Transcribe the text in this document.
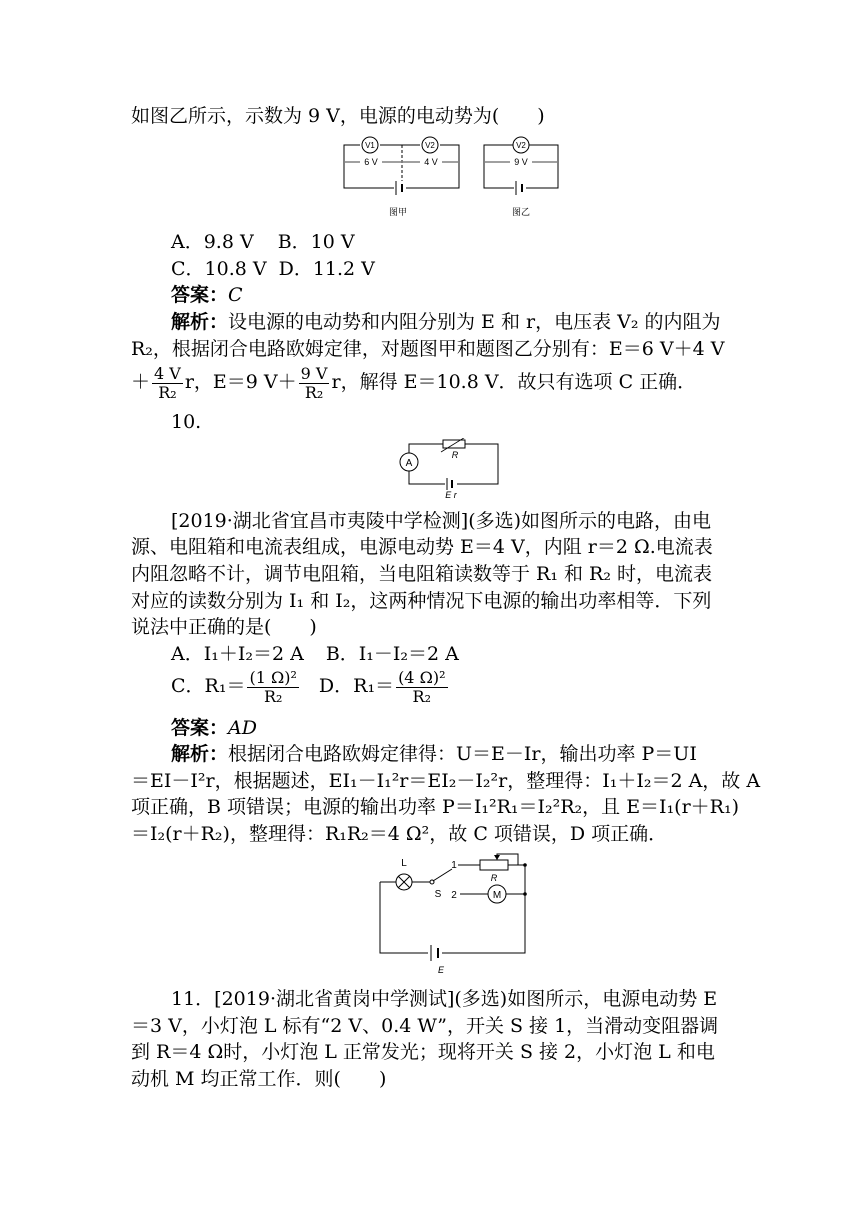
如图乙所示，示数为 9 V，电源的电动势为(　　)
V1	V2
6 V	4 V
图甲
V2
9 V
图乙
A．9.8 V B．10 V
C．10.8 V D．11.2 V
答案：C
解析：设电源的电动势和内阻分别为 E 和 r，电压表 V₂ 的内阻为
R₂，根据闭合电路欧姆定律，对题图甲和题图乙分别有：E＝6 V＋4 V
＋ $\frac{4 V}{\text{R₂}}$ r，E＝9 $V+ \frac{9 V}{\text{R₂}}$ r，解得 E＝10.8 V．故只有选项 C 正确．
10.
A
R
E r
[2019·湖北省宜昌市夷陵中学检测](多选)如图所示的电路，由电
源、电阻箱和电流表组成，电源电动势 E＝4 V，内阻 r＝2 Ω.电流表
内阻忽略不计，调节电阻箱，当电阻箱读数等于 R₁ 和 R₂ 时，电流表
对应的读数分别为 I₁ 和 I₂，这两种情况下电源的输出功率相等．下列
说法中正确的是(　　)
A．I₁＋I₂＝2 A B．I₁－I₂＝2 A
C．$R_1= \frac{\text{(1 Ω)²}}{\text{R₂}}$ D．$R_1= \frac{\text{(4 Ω)²}}{\text{R₂}}$
答案：AD
解析：根据闭合电路欧姆定律得：U＝E－Ir，输出功率 P＝UI
＝EI－I²r，根据题述，EI₁－I₁²r＝EI₂－I₂²r，整理得：I₁＋I₂＝2 A，故 A
项正确，B 项错误；电源的输出功率 P＝I₁²R₁＝I₂²R₂，且 E＝I₁(r＋R₁)
＝I₂(r＋R₂)，整理得：R₁R₂＝4 Ω²，故 C 项错误，D 项正确．
L
S
1
R
2	M
E
11．[2019·湖北省黄岗中学测试](多选)如图所示，电源电动势 E
＝3 V，小灯泡 L 标有“2 V、0.4 W”，开关 S 接 1，当滑动变阻器调
到 R＝4 Ω时，小灯泡 L 正常发光；现将开关 S 接 2，小灯泡 L 和电
动机 M 均正常工作．则(　　)
